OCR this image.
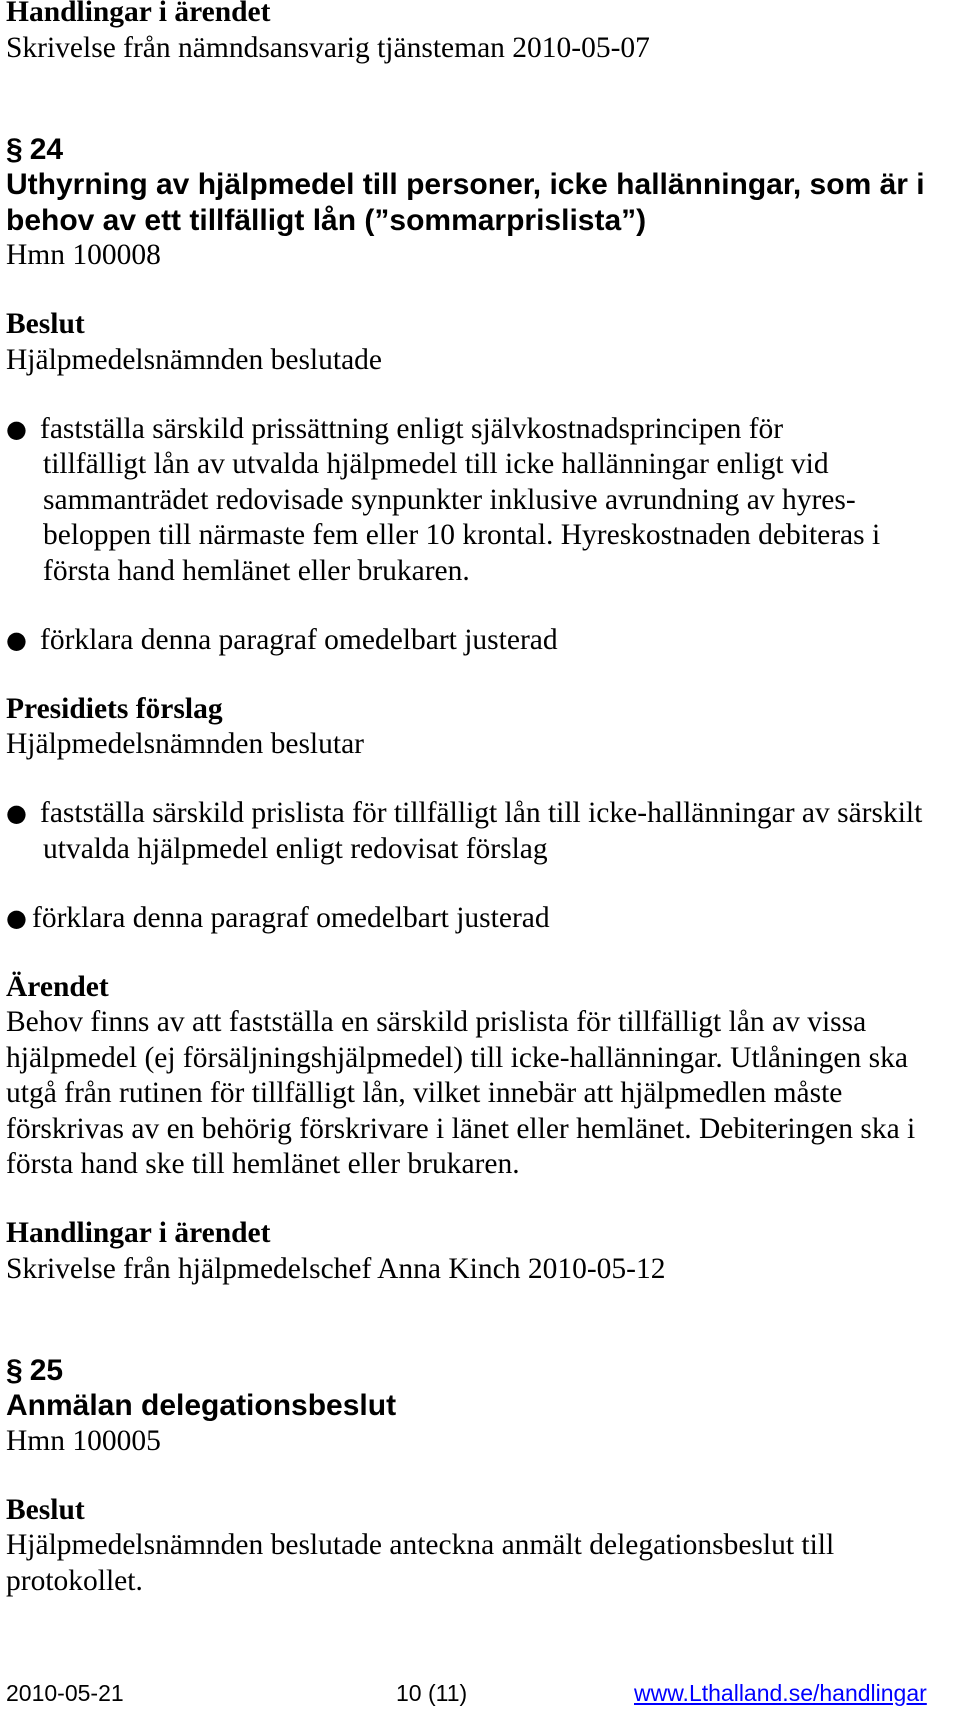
Handlingar i ärendet
Skrivelse från nämndsansvarig tjänsteman 2010-05-07
§ 24
Uthyrning av hjälpmedel till personer, icke hallänningar, som är i
behov av ett tillfälligt lån (”sommarprislista”)
Hmn 100008
Beslut
Hjälpmedelsnämnden beslutade
● fastställa särskild prissättning enligt självkostnadsprincipen för
tillfälligt lån av utvalda hjälpmedel till icke hallänningar enligt vid
sammanträdet redovisade synpunkter inklusive avrundning av hyres-
beloppen till närmaste fem eller 10 krontal. Hyreskostnaden debiteras i
första hand hemlänet eller brukaren.
● förklara denna paragraf omedelbart justerad
Presidiets förslag
Hjälpmedelsnämnden beslutar
● fastställa särskild prislista för tillfälligt lån till icke-hallänningar av särskilt
utvalda hjälpmedel enligt redovisat förslag
● förklara denna paragraf omedelbart justerad
Ärendet
Behov finns av att fastställa en särskild prislista för tillfälligt lån av vissa
hjälpmedel (ej försäljningshjälpmedel) till icke-hallänningar. Utlåningen ska
utgå från rutinen för tillfälligt lån, vilket innebär att hjälpmedlen måste
förskrivas av en behörig förskrivare i länet eller hemlänet. Debiteringen ska i
första hand ske till hemlänet eller brukaren.
Handlingar i ärendet
Skrivelse från hjälpmedelschef Anna Kinch 2010-05-12
§ 25
Anmälan delegationsbeslut
Hmn 100005
Beslut
Hjälpmedelsnämnden beslutade anteckna anmält delegationsbeslut till
protokollet.
2010-05-21	10 (11)	www.Lthalland.se/handlingar
